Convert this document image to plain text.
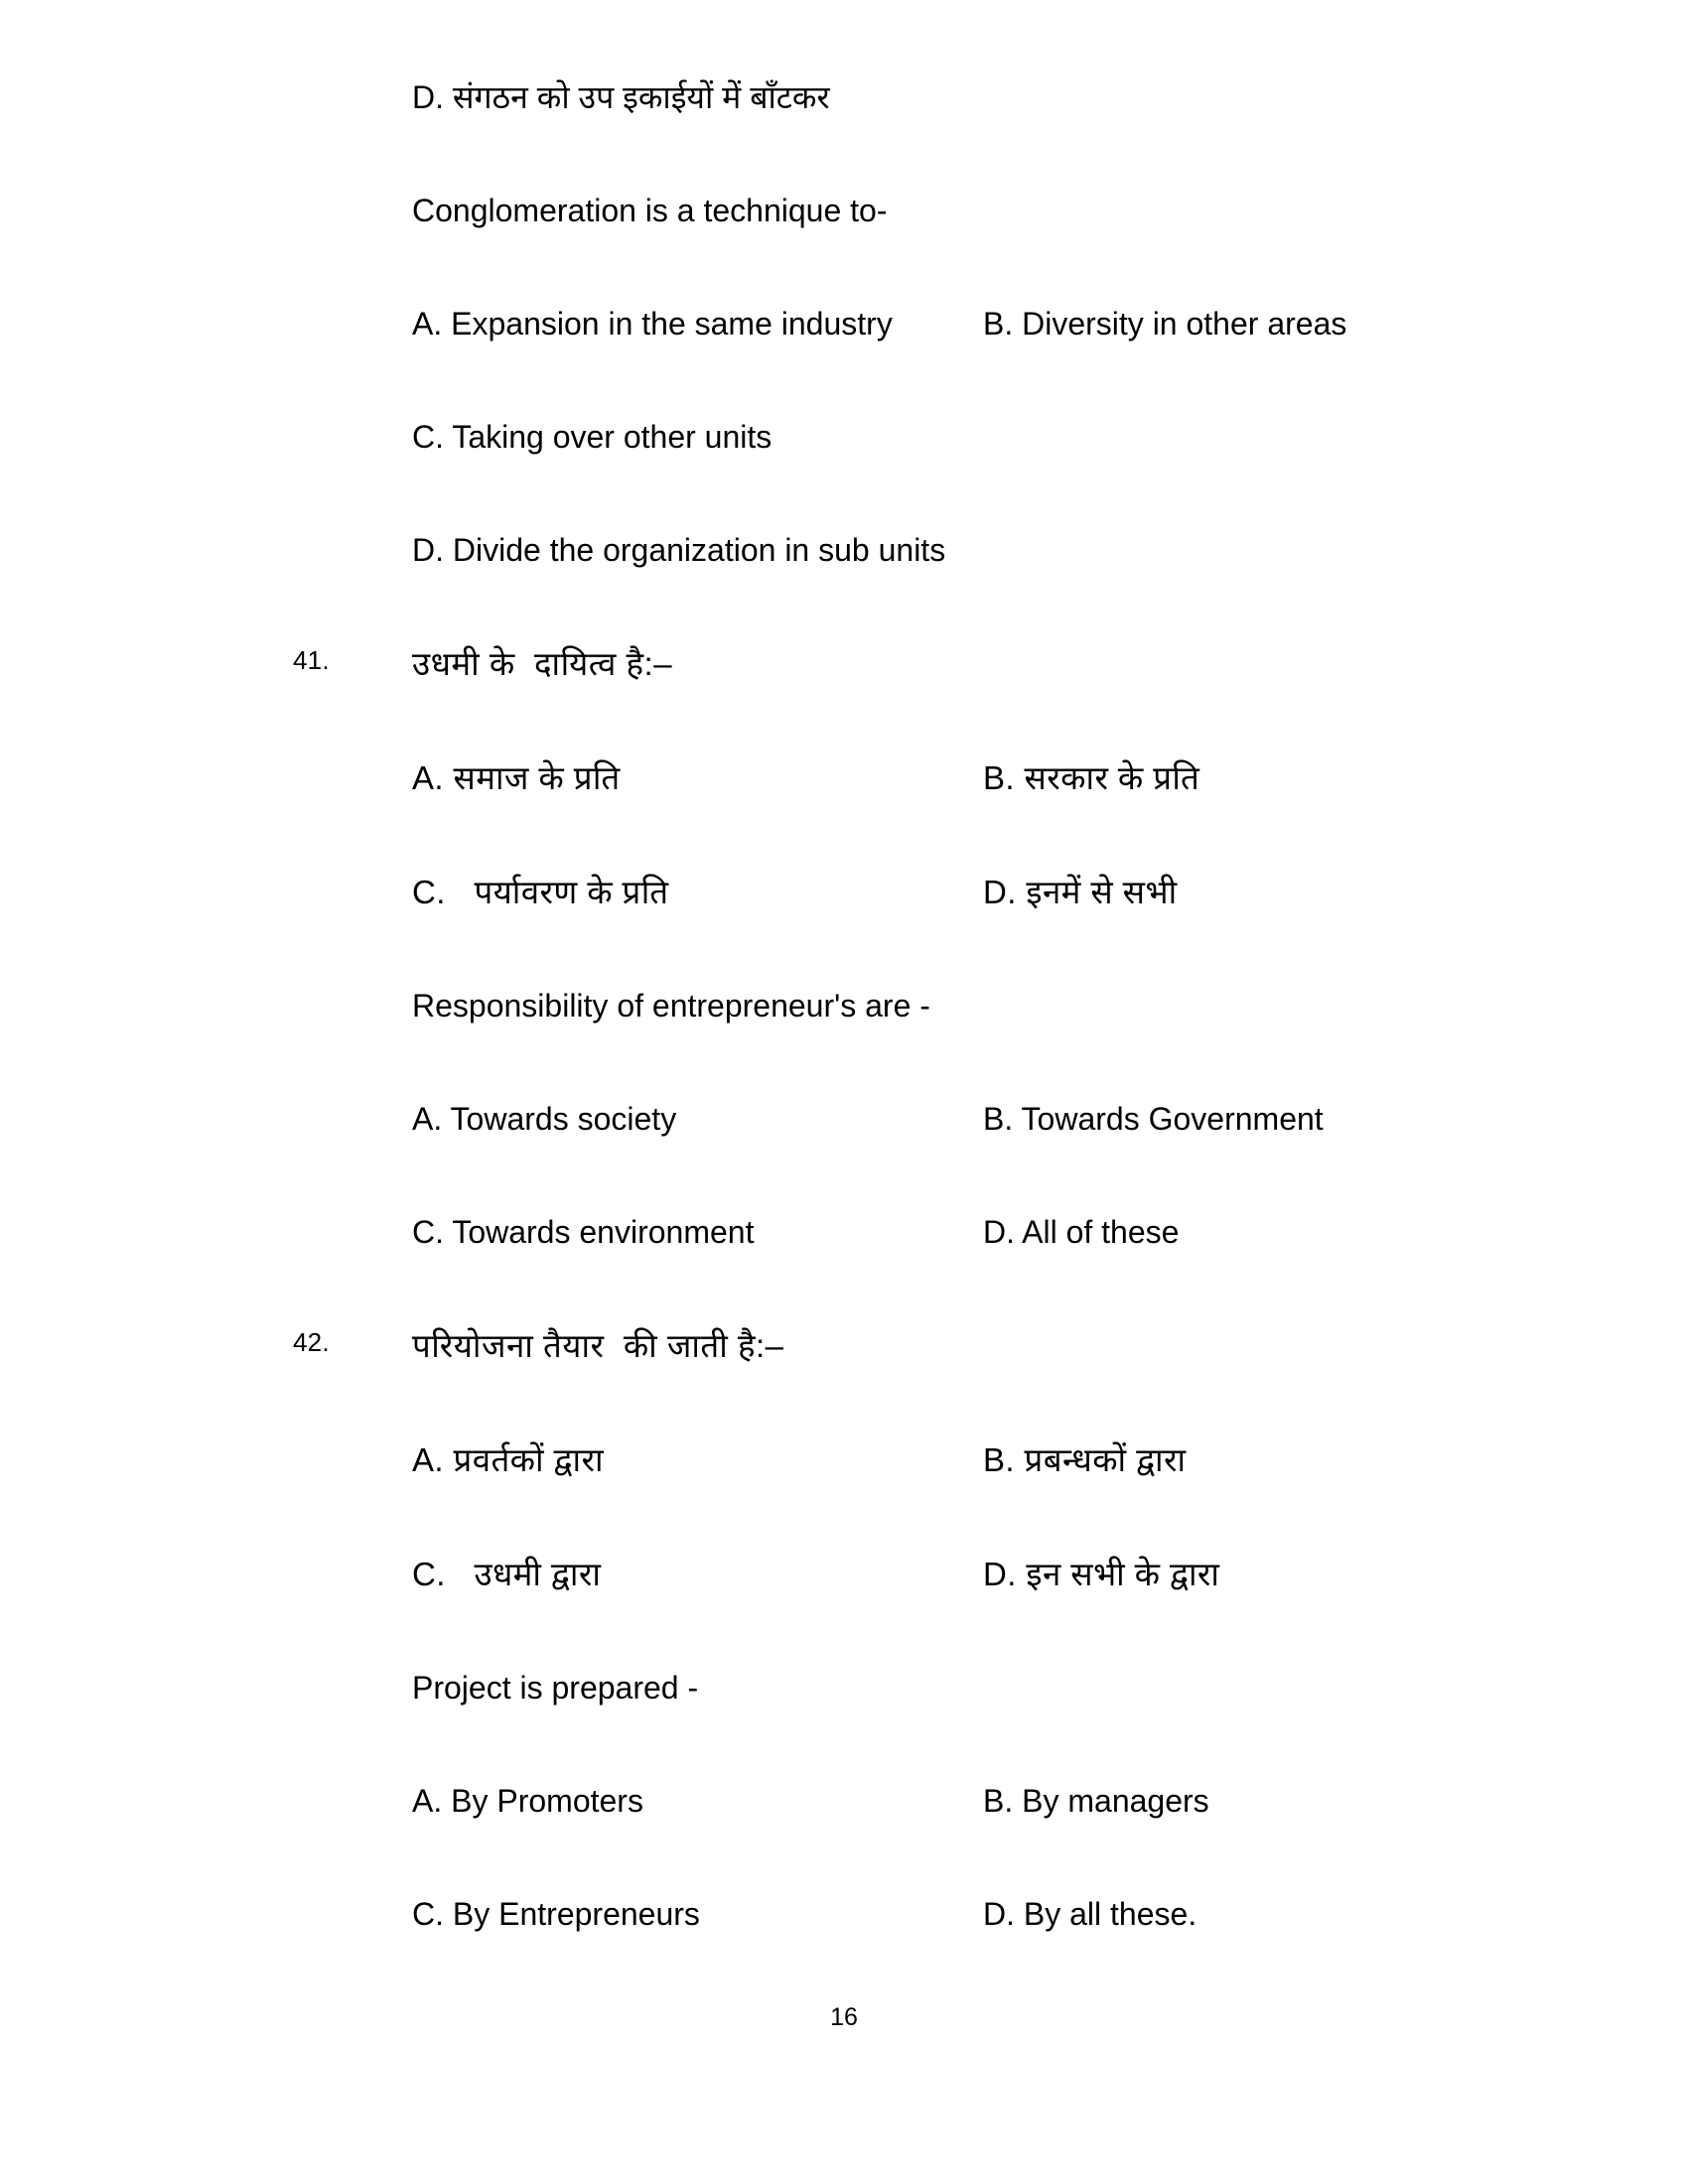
D. संगठन को उप इकाईयों में बाँटकर
Conglomeration is a technique to-
A. Expansion in the same industry	B. Diversity in other areas
C. Taking over other units
D. Divide the organization in sub units
41.	उधमी के  दायित्व है:–
A. समाज के प्रति	B. सरकार के प्रति
C.   पर्यावरण के प्रति	D. इनमें से सभी
Responsibility of entrepreneur's are -
A. Towards society	B. Towards Government
C. Towards environment	D. All of these
42.	परियोजना तैयार  की जाती है:–
A. प्रवर्तकों द्वारा	B. प्रबन्धकों द्वारा
C.   उधमी द्वारा	D. इन सभी के द्वारा
Project is prepared -
A. By Promoters	B. By managers
C. By Entrepreneurs	D. By all these.
16
